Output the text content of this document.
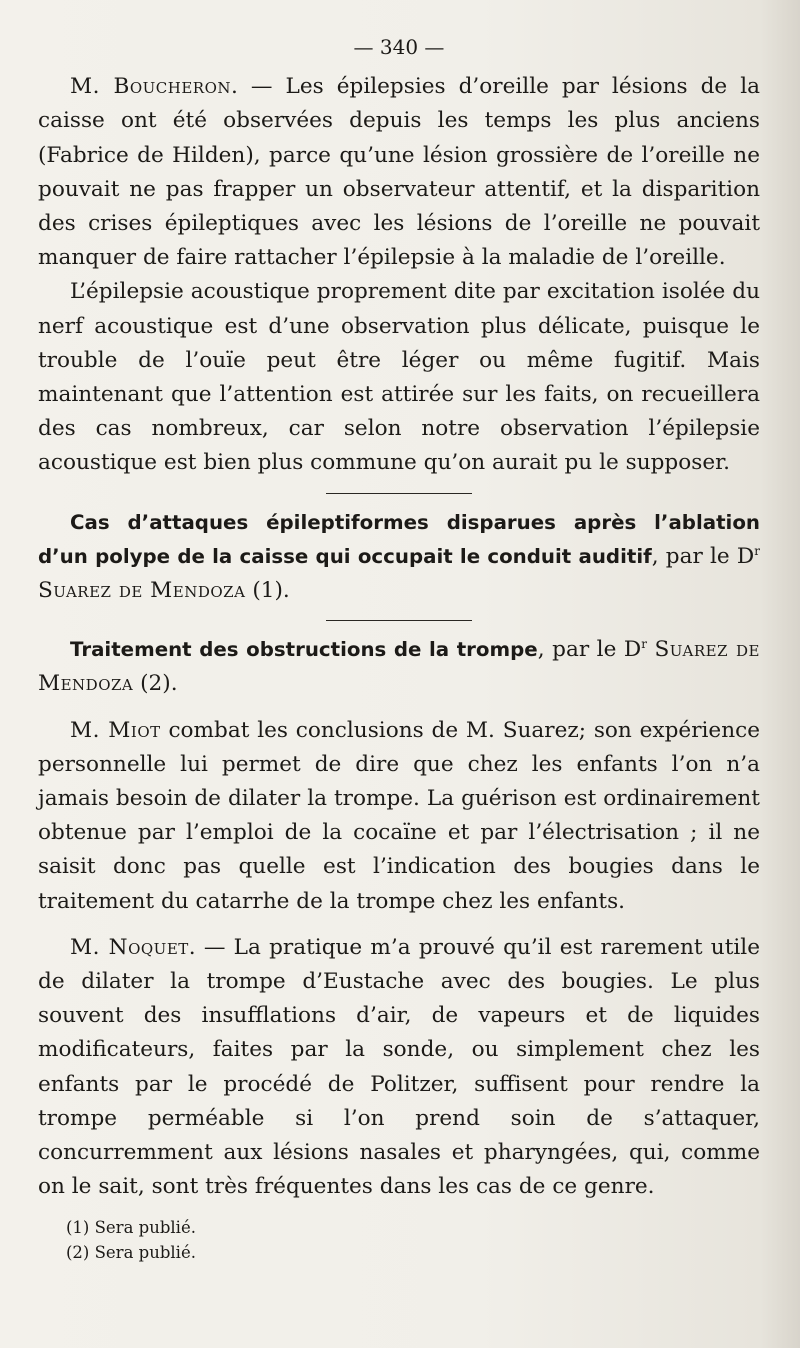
— 340 —

M. Boucheron. — Les épilepsies d’oreille par lésions de la caisse ont été observées depuis les temps les plus anciens (Fabrice de Hilden), parce qu’une lésion grossière de l’oreille ne pouvait ne pas frapper un observateur attentif, et la disparition des crises épileptiques avec les lésions de l’oreille ne pouvait manquer de faire rattacher l’épilepsie à la maladie de l’oreille.

L’épilepsie acoustique proprement dite par excitation isolée du nerf acoustique est d’une observation plus délicate, puisque le trouble de l’ouïe peut être léger ou même fugitif. Mais maintenant que l’attention est attirée sur les faits, on recueillera des cas nombreux, car selon notre observation l’épilepsie acoustique est bien plus commune qu’on aurait pu le supposer.

Cas d’attaques épileptiformes disparues après l’ablation d’un polype de la caisse qui occupait le conduit auditif, par le $D^r$ Suarez de Mendoza (1).

Traitement des obstructions de la trompe, par le $D^r$ Suarez de Mendoza (2).

M. Miot combat les conclusions de M. Suarez; son expérience personnelle lui permet de dire que chez les enfants l’on n’a jamais besoin de dilater la trompe. La guérison est ordinairement obtenue par l’emploi de la cocaïne et par l’électrisation ; il ne saisit donc pas quelle est l’indication des bougies dans le traitement du catarrhe de la trompe chez les enfants.

M. Noquet. — La pratique m’a prouvé qu’il est rarement utile de dilater la trompe d’Eustache avec des bougies. Le plus souvent des insufflations d’air, de vapeurs et de liquides modificateurs, faites par la sonde, ou simplement chez les enfants par le procédé de Politzer, suffisent pour rendre la trompe perméable si l’on prend soin de s’attaquer, concurremment aux lésions nasales et pharyngées, qui, comme on le sait, sont très fréquentes dans les cas de ce genre.

(1) Sera publié.
(2) Sera publié.
